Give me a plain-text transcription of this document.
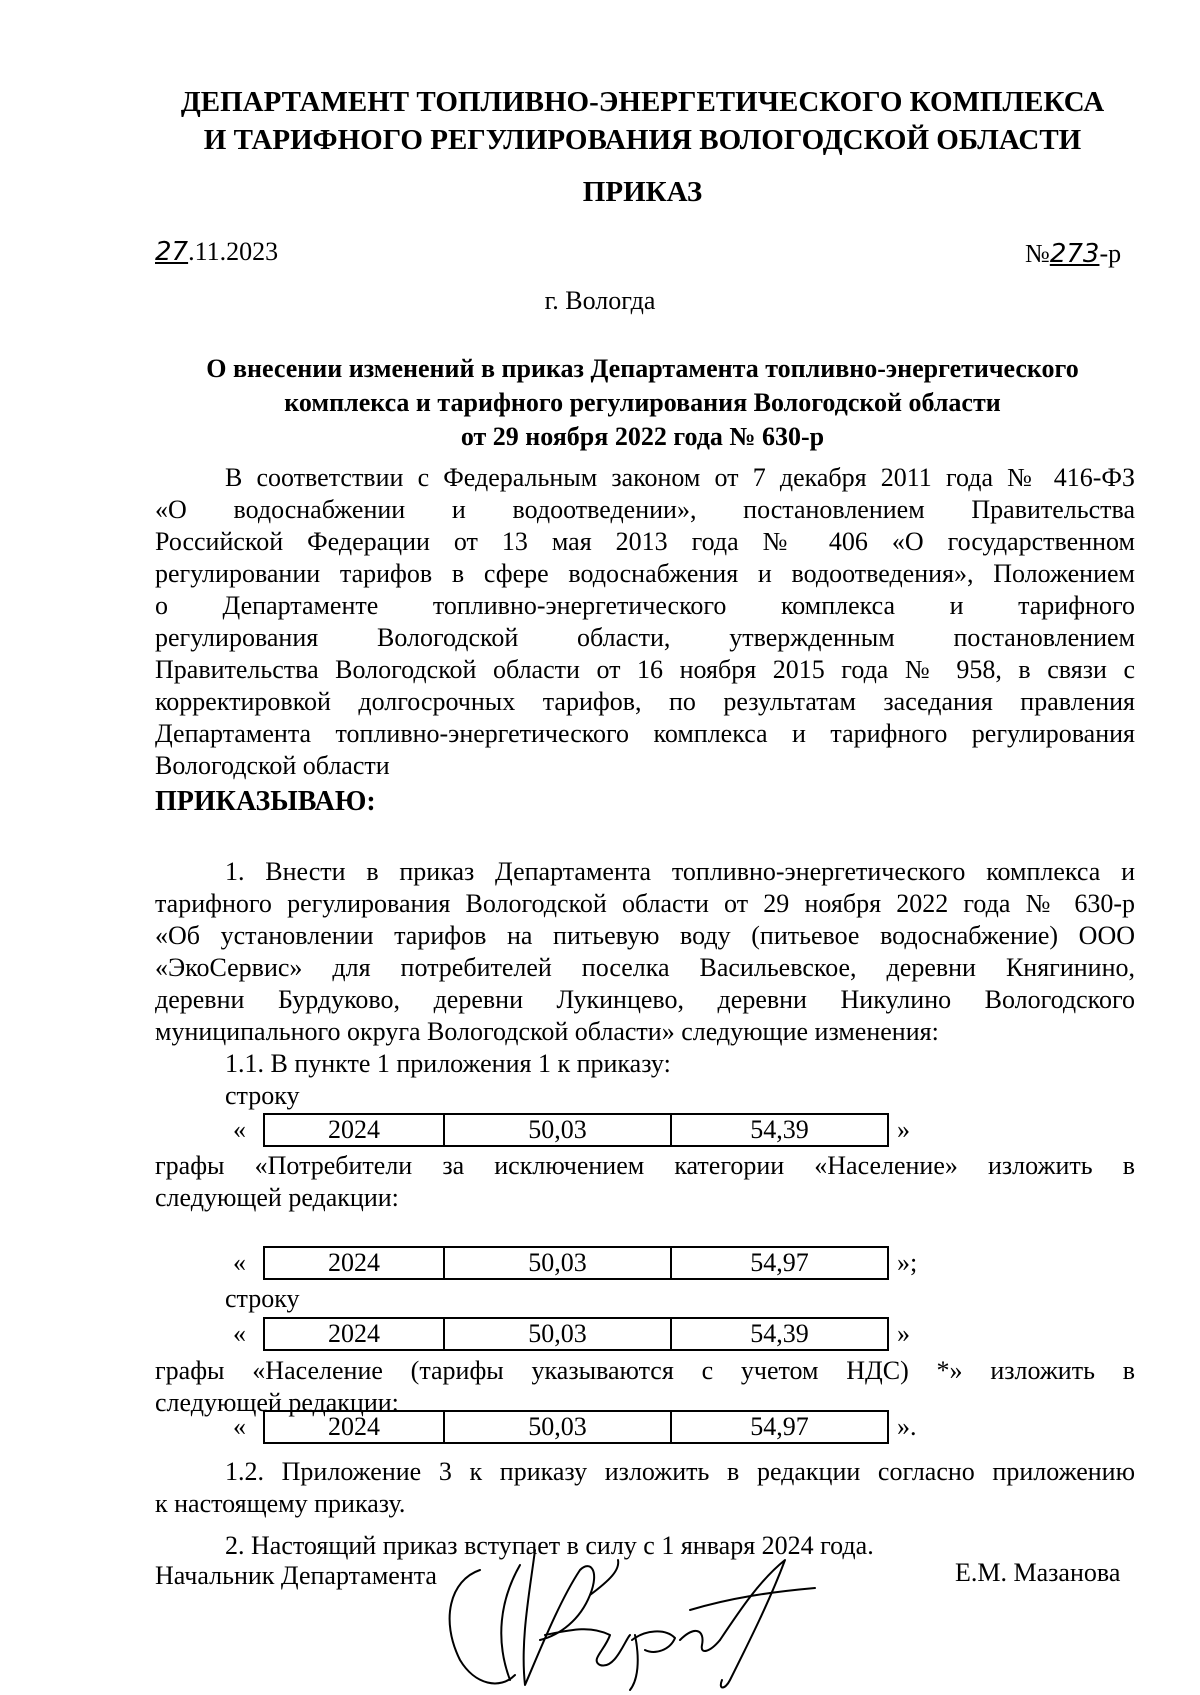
ДЕПАРТАМЕНТ ТОПЛИВНО-ЭНЕРГЕТИЧЕСКОГО КОМПЛЕКСА
И ТАРИФНОГО РЕГУЛИРОВАНИЯ ВОЛОГОДСКОЙ ОБЛАСТИ
ПРИКАЗ
27.11.2023	№273-р
г. Вологда
О внесении изменений в приказ Департамента топливно-энергетического
комплекса и тарифного регулирования Вологодской области
от 29 ноября 2022 года № 630-р
В соответствии с Федеральным законом от 7 декабря 2011 года № 416-ФЗ
«О водоснабжении и водоотведении», постановлением Правительства
Российской Федерации от 13 мая 2013 года № 406 «О государственном
регулировании тарифов в сфере водоснабжения и водоотведения», Положением
о Департаменте топливно-энергетического комплекса и тарифного
регулирования Вологодской области, утвержденным постановлением
Правительства Вологодской области от 16 ноября 2015 года № 958, в связи с
корректировкой долгосрочных тарифов, по результатам заседания правления
Департамента топливно-энергетического комплекса и тарифного регулирования
Вологодской области
ПРИКАЗЫВАЮ:
1. Внести в приказ Департамента топливно-энергетического комплекса и
тарифного регулирования Вологодской области от 29 ноября 2022 года № 630-р
«Об установлении тарифов на питьевую воду (питьевое водоснабжение) ООО
«ЭкоСервис» для потребителей поселка Васильевское, деревни Княгинино,
деревни Бурдуково, деревни Лукинцево, деревни Никулино Вологодского
муниципального округа Вологодской области» следующие изменения:
1.1. В пункте 1 приложения 1 к приказу:
строку
«	2024	50,03	54,39	»
графы «Потребители за исключением категории «Население» изложить в
следующей редакции:
«	2024	50,03	54,97	»;
строку
«	2024	50,03	54,39	»
графы «Население (тарифы указываются с учетом НДС) *» изложить в
следующей редакции:
«	2024	50,03	54,97	».
1.2. Приложение 3 к приказу изложить в редакции согласно приложению
к настоящему приказу.
2. Настоящий приказ вступает в силу с 1 января 2024 года.
Начальник Департамента	Е.М. Мазанова
